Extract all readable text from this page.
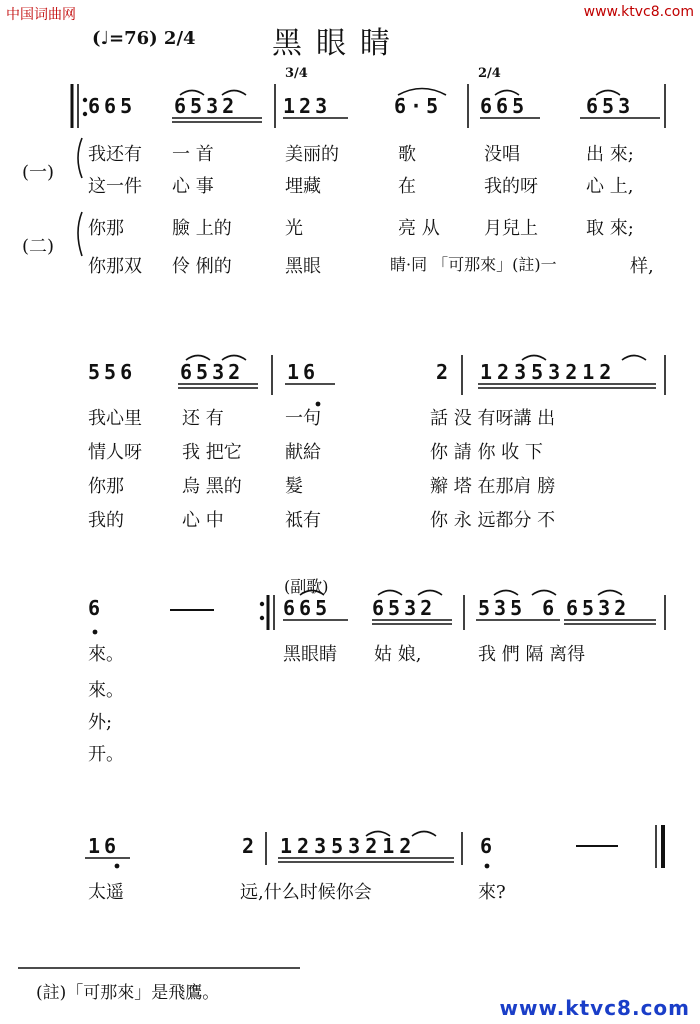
中国词曲网	www.ktvc8.com
www.ktvc8.com
(♩=76) 2/4	黑眼睛
3/4	2/4
665 6532 123	6·5 665	653
(一)
(二)
我还有 一 首	美丽的	歌	没唱	出 來;
这一件 心 事	埋藏	在	我的呀	心 上,
你那	臉 上的	光	亮 从 月兒上	取 來;
你那双 伶 俐的	黑眼	睛·同 「可那來」(註)一	样,
556 6532 16	2 12353212
我心里 还 有	一句	話 没 有呀講 出
情人呀 我 把它 献給	你 請 你 收 下
你那	烏 黑的 髮	辮 塔 在那肩 膀
我的	心 中	祗有	你 永 远都分 不
(副歌)
6	665 6532 535 6 6532
來。	黑眼睛 姑 娘,	我 們 隔 离得
來。
外;
开。
16	2 12353212	6
太遥	远,什么时候你会	來?
(註)「可那來」是飛鷹。
